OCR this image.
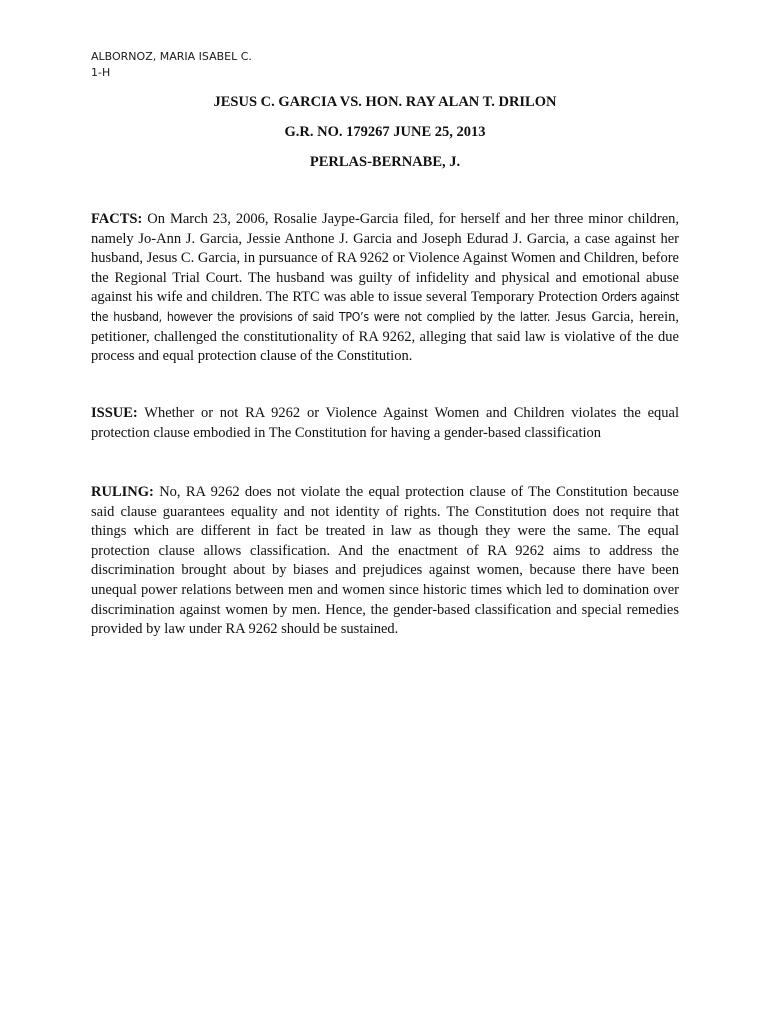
ALBORNOZ, MARIA ISABEL C.
1-H
JESUS C. GARCIA VS. HON. RAY ALAN T. DRILON
G.R. NO. 179267 JUNE 25, 2013
PERLAS-BERNABE, J.
FACTS: On March 23, 2006, Rosalie Jaype-Garcia filed, for herself and her three minor children, namely Jo-Ann J. Garcia, Jessie Anthone J. Garcia and Joseph Edurad J. Garcia, a case against her husband, Jesus C. Garcia, in pursuance of RA 9262 or Violence Against Women and Children, before the Regional Trial Court. The husband was guilty of infidelity and physical and emotional abuse against his wife and children. The RTC was able to issue several Temporary Protection Orders against the husband, however the provisions of said TPO’s were not complied by the latter. Jesus Garcia, herein, petitioner, challenged the constitutionality of RA 9262, alleging that said law is violative of the due process and equal protection clause of the Constitution.
ISSUE: Whether or not RA 9262 or Violence Against Women and Children violates the equal protection clause embodied in The Constitution for having a gender-based classification
RULING: No, RA 9262 does not violate the equal protection clause of The Constitution because said clause guarantees equality and not identity of rights. The Constitution does not require that things which are different in fact be treated in law as though they were the same. The equal protection clause allows classification. And the enactment of RA 9262 aims to address the discrimination brought about by biases and prejudices against women, because there have been unequal power relations between men and women since historic times which led to domination over discrimination against women by men. Hence, the gender-based classification and special remedies provided by law under RA 9262 should be sustained.
